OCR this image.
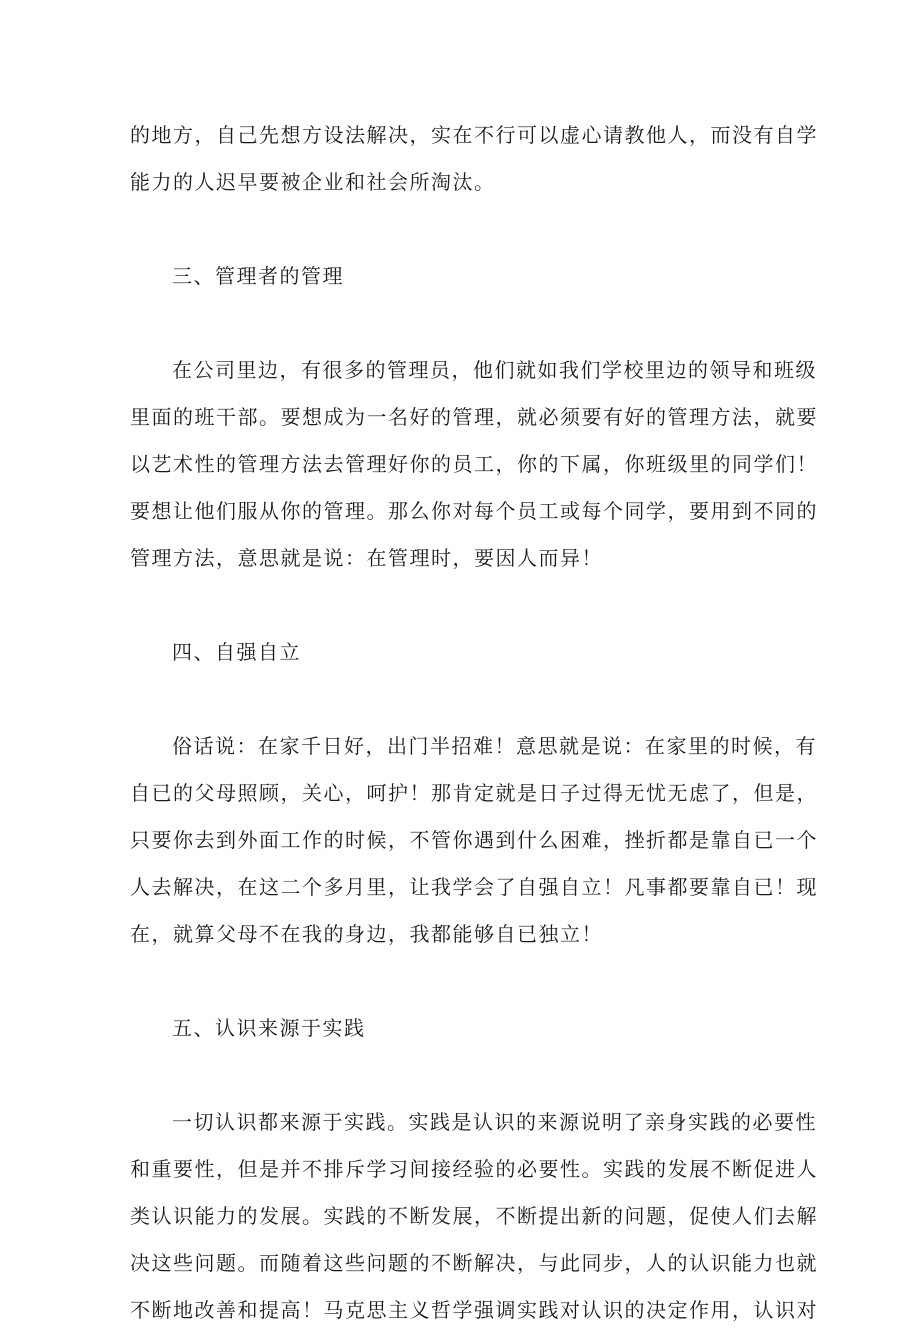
的地方，自己先想方设法解决，实在不行可以虚心请教他人，而没有自学

能力的人迟早要被企业和社会所淘汰。

三、管理者的管理

在公司里边，有很多的管理员，他们就如我们学校里边的领导和班级

里面的班干部。要想成为一名好的管理，就必须要有好的管理方法，就要

以艺术性的管理方法去管理好你的员工，你的下属，你班级里的同学们！

要想让他们服从你的管理。那么你对每个员工或每个同学，要用到不同的

管理方法，意思就是说：在管理时，要因人而异！

四、自强自立

俗话说：在家千日好，出门半招难！意思就是说：在家里的时候，有

自已的父母照顾，关心，呵护！那肯定就是日子过得无忧无虑了，但是，

只要你去到外面工作的时候，不管你遇到什么困难，挫折都是靠自已一个

人去解决，在这二个多月里，让我学会了自强自立！凡事都要靠自已！现

在，就算父母不在我的身边，我都能够自已独立！

五、认识来源于实践

一切认识都来源于实践。实践是认识的来源说明了亲身实践的必要性

和重要性，但是并不排斥学习间接经验的必要性。实践的发展不断促进人

类认识能力的发展。实践的不断发展，不断提出新的问题，促使人们去解

决这些问题。而随着这些问题的不断解决，与此同步，人的认识能力也就

不断地改善和提高！马克思主义哲学强调实践对认识的决定作用，认识对
